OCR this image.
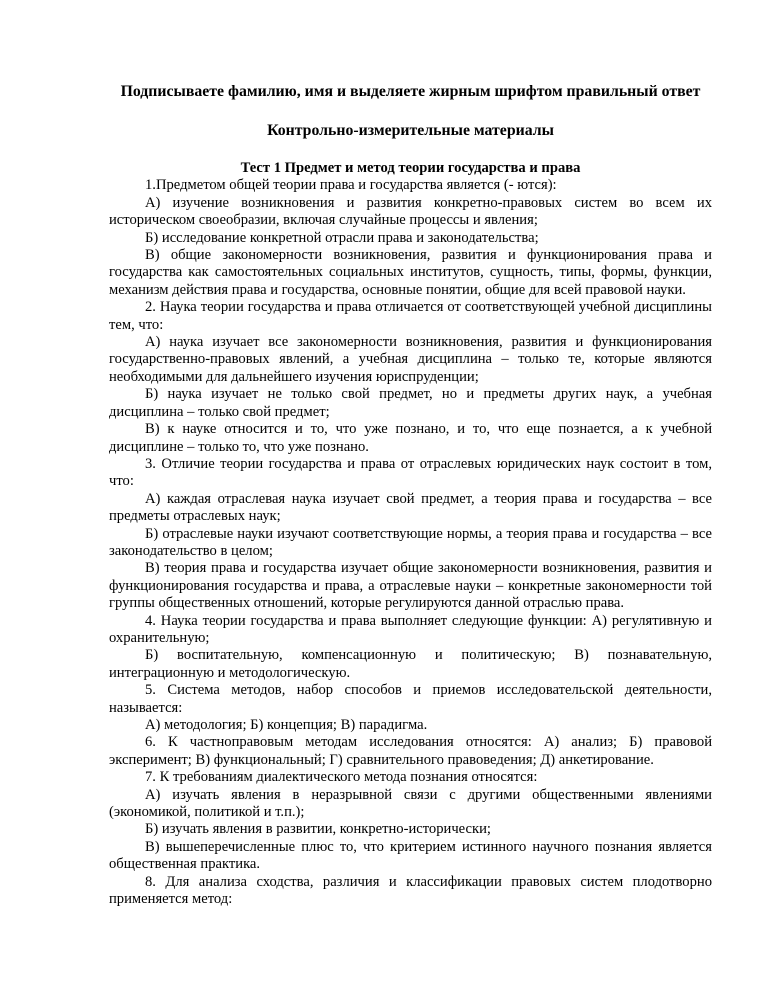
Подписываете фамилию, имя и выделяете жирным шрифтом правильный ответ

Контрольно-измерительные материалы

Тест 1 Предмет и метод теории государства и права

1.Предметом общей теории права и государства является (- ются):

А) изучение возникновения и развития конкретно-правовых систем во всем их историческом своеобразии, включая случайные процессы и явления;

Б) исследование конкретной отрасли права и законодательства;

В) общие закономерности возникновения, развития и функционирования права и государства как самостоятельных социальных институтов, сущность, типы, формы, функции, механизм действия права и государства, основные понятии, общие для всей правовой науки.

2. Наука теории государства и права отличается от соответствующей учебной дисциплины тем, что:

А) наука изучает все закономерности возникновения, развития и функционирования государственно-правовых явлений, а учебная дисциплина – только те, которые являются необходимыми для дальнейшего изучения юриспруденции;

Б) наука изучает не только свой предмет, но и предметы других наук, а учебная дисциплина – только свой предмет;

В) к науке относится и то, что уже познано, и то, что еще познается, а к учебной дисциплине – только то, что уже познано.

3. Отличие теории государства и права от отраслевых юридических наук состоит в том, что:

А) каждая отраслевая наука изучает свой предмет, а теория права и государства – все предметы отраслевых наук;

Б) отраслевые науки изучают соответствующие нормы, а теория права и государства – все законодательство в целом;

В) теория права и государства изучает общие закономерности возникновения, развития и функционирования государства и права, а отраслевые науки – конкретные закономерности той группы общественных отношений, которые регулируются данной отраслью права.

4. Наука теории государства и права выполняет следующие функции: А) регулятивную и охранительную;

Б) воспитательную, компенсационную и политическую; В) познавательную, интеграционную и методологическую.

5. Система методов, набор способов и приемов исследовательской деятельности, называется:

А) методология; Б) концепция; В) парадигма.

6. К частноправовым методам исследования относятся: А) анализ; Б) правовой эксперимент; В) функциональный; Г) сравнительного правоведения; Д) анкетирование.

7. К требованиям диалектического метода познания относятся:

А) изучать явления в неразрывной связи с другими общественными явлениями (экономикой, политикой и т.п.);

Б) изучать явления в развитии, конкретно-исторически;

В) вышеперечисленные плюс то, что критерием истинного научного познания является общественная практика.

8. Для анализа сходства, различия и классификации правовых систем плодотворно применяется метод:
